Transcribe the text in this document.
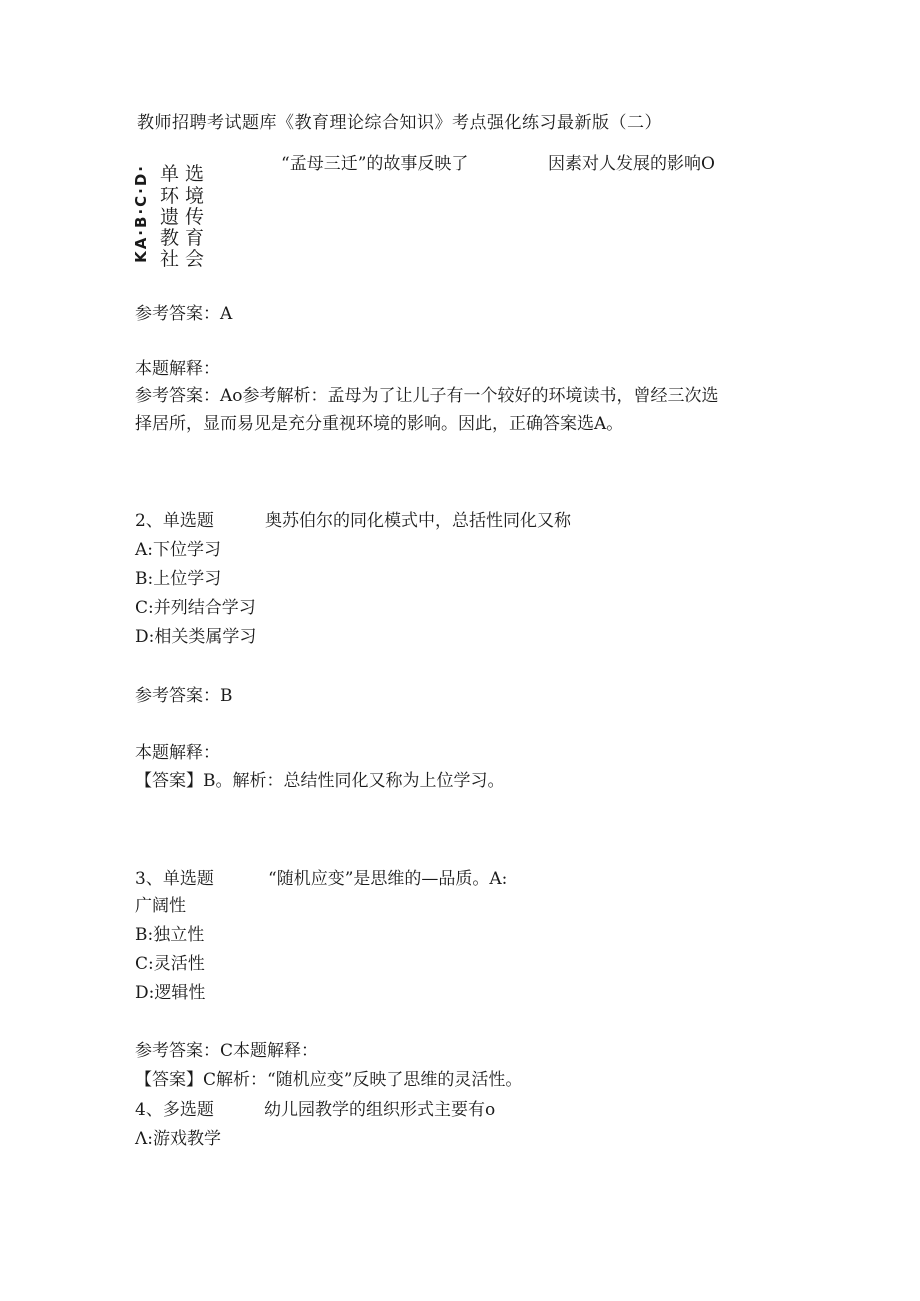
教师招聘考试题库《教育理论综合知识》考点强化练习最新版（二）
“孟母三迁”的故事反映了	因素对人发展的影响O
KA·B·C·D· 单选
环境
遗传
教育
社会
参考答案：A
本题解释：
参考答案：Ao参考解析：孟母为了让儿子有一个较好的环境读书，曾经三次选
择居所，显而易见是充分重视环境的影响。因此，正确答案选A。
2、单选题	奥苏伯尔的同化模式中，总括性同化又称
A:下位学习
B:上位学习
C:并列结合学习
D:相关类属学习
参考答案：B
本题解释：
【答案】B。解析：总结性同化又称为上位学习。
3、单选题	“随机应变”是思维的—品质。A:
广阔性
B:独立性
C:灵活性
D:逻辑性
参考答案：C本题解释：
【答案】C解析：“随机应变”反映了思维的灵活性。
4、多选题	幼儿园教学的组织形式主要有o
Λ:游戏教学
